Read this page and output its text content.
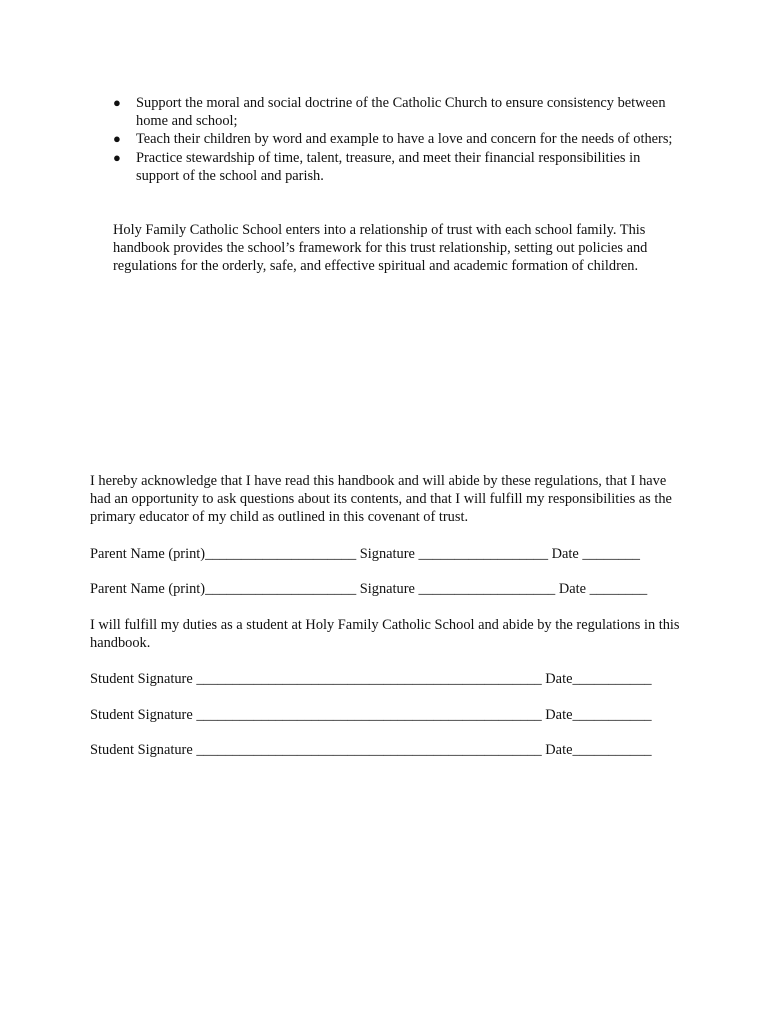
● Support the moral and social doctrine of the Catholic Church to ensure consistency between home and school;
● Teach their children by word and example to have a love and concern for the needs of others;
● Practice stewardship of time, talent, treasure, and meet their financial responsibilities in support of the school and parish.

Holy Family Catholic School enters into a relationship of trust with each school family. This handbook provides the school’s framework for this trust relationship, setting out policies and regulations for the orderly, safe, and effective spiritual and academic formation of children.

I hereby acknowledge that I have read this handbook and will abide by these regulations, that I have had an opportunity to ask questions about its contents, and that I will fulfill my responsibilities as the primary educator of my child as outlined in this covenant of trust.

Parent Name (print)_____________________ Signature __________________ Date ________

Parent Name (print)_____________________ Signature ___________________ Date ________

I will fulfill my duties as a student at Holy Family Catholic School and abide by the regulations in this handbook.

Student Signature ________________________________________________ Date___________

Student Signature ________________________________________________ Date___________

Student Signature ________________________________________________ Date___________
